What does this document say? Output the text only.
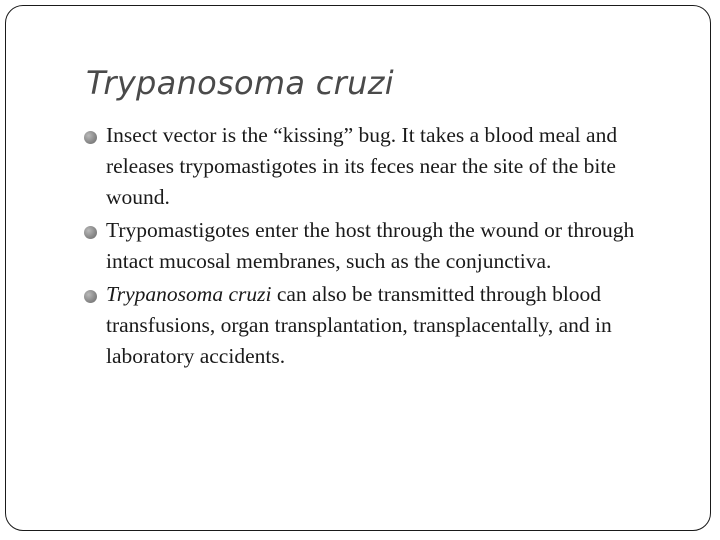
Trypanosoma cruzi
Insect vector is the “kissing” bug. It takes a blood meal and releases trypomastigotes in its feces near the site of the bite wound.
Trypomastigotes enter the host through the wound or through intact mucosal membranes, such as the conjunctiva.
Trypanosoma cruzi can also be transmitted through blood transfusions, organ transplantation, transplacentally, and in laboratory accidents.
